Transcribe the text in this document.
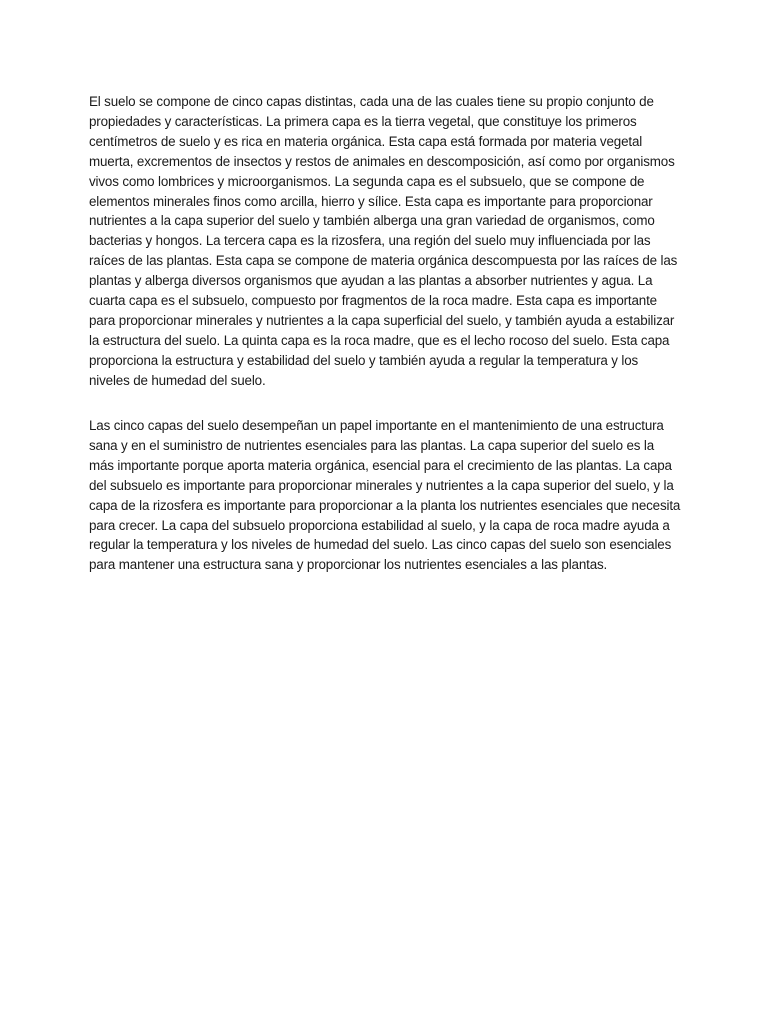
El suelo se compone de cinco capas distintas, cada una de las cuales tiene su propio conjunto de propiedades y características. La primera capa es la tierra vegetal, que constituye los primeros centímetros de suelo y es rica en materia orgánica. Esta capa está formada por materia vegetal muerta, excrementos de insectos y restos de animales en descomposición, así como por organismos vivos como lombrices y microorganismos. La segunda capa es el subsuelo, que se compone de elementos minerales finos como arcilla, hierro y sílice. Esta capa es importante para proporcionar nutrientes a la capa superior del suelo y también alberga una gran variedad de organismos, como bacterias y hongos. La tercera capa es la rizosfera, una región del suelo muy influenciada por las raíces de las plantas. Esta capa se compone de materia orgánica descompuesta por las raíces de las plantas y alberga diversos organismos que ayudan a las plantas a absorber nutrientes y agua. La cuarta capa es el subsuelo, compuesto por fragmentos de la roca madre. Esta capa es importante para proporcionar minerales y nutrientes a la capa superficial del suelo, y también ayuda a estabilizar la estructura del suelo. La quinta capa es la roca madre, que es el lecho rocoso del suelo. Esta capa proporciona la estructura y estabilidad del suelo y también ayuda a regular la temperatura y los niveles de humedad del suelo.

Las cinco capas del suelo desempeñan un papel importante en el mantenimiento de una estructura sana y en el suministro de nutrientes esenciales para las plantas. La capa superior del suelo es la más importante porque aporta materia orgánica, esencial para el crecimiento de las plantas. La capa del subsuelo es importante para proporcionar minerales y nutrientes a la capa superior del suelo, y la capa de la rizosfera es importante para proporcionar a la planta los nutrientes esenciales que necesita para crecer. La capa del subsuelo proporciona estabilidad al suelo, y la capa de roca madre ayuda a regular la temperatura y los niveles de humedad del suelo. Las cinco capas del suelo son esenciales para mantener una estructura sana y proporcionar los nutrientes esenciales a las plantas.
